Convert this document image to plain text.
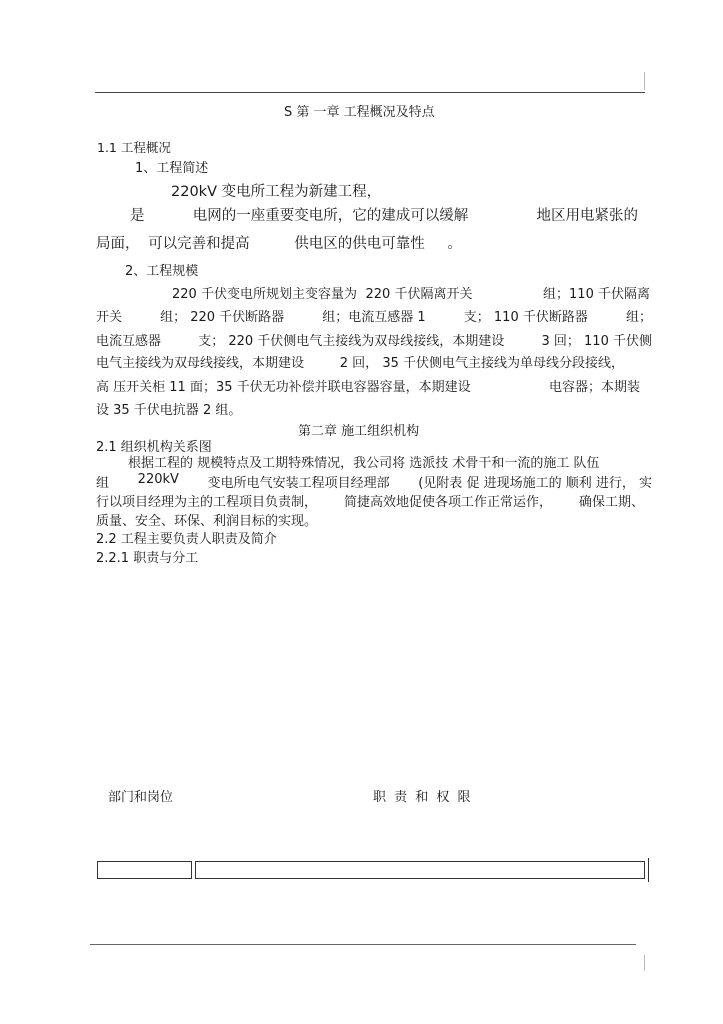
S 第 一章 工程概况及特点
1.1 工程概况
1、工程简述
220kV 变电所工程为新建工程，
是	电网的一座重要变电所，它的建成可以缓解	地区用电紧张的
局面， 可以完善和提高	供电区的供电可靠性 。
2、工程规模
220 千伏变电所规划主变容量为 220 千伏隔离开关	组；110 千伏隔离
开关	组； 220 千伏断路器	组；电流互感器 1	支； 110 千伏断路器	组；
电流互感器	支； 220 千伏侧电气主接线为双母线接线，本期建设	3 回； 110 千伏侧
电气主接线为双母线接线，本期建设	2 回， 35 千伏侧电气主接线为单母线分段接线，
高 压开关柜 11 面；35 千伏无功补偿并联电容器容量，本期建设	电容器；本期装
设 35 千伏电抗器 2 组。
第二章 施工组织机构
2.1 组织机构关系图
根据工程的 规模特点及工期特殊情况，我公司将 选派技 术骨干和一流的施工 队伍
组 220kV 变电所电气安装工程项目经理部 (见附表 促 进现场施工的 顺利 进行， 实
行以项目经理为主的工程项目负责制， 简捷高效地促使各项工作正常运作， 确保工期、
质量、安全、环保、利润目标的实现。
2.2 工程主要负责人职责及简介
2.2.1 职责与分工
部门和岗位	职 责 和 权 限
